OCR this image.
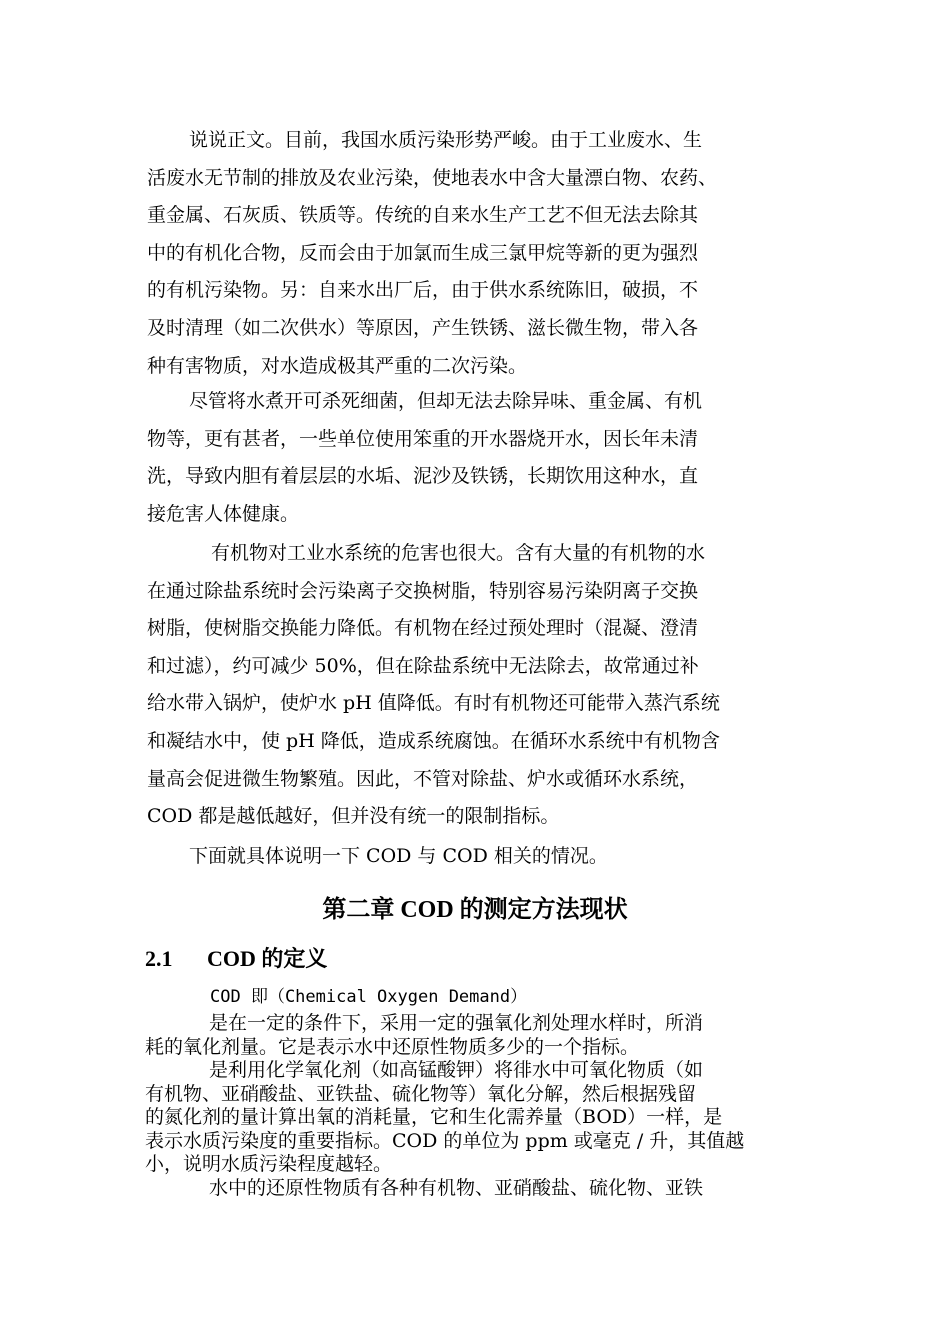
说说正文。目前，我国水质污染形势严峻。由于工业废水、生
活废水无节制的排放及农业污染，使地表水中含大量漂白物、农药、
重金属、石灰质、铁质等。传统的自来水生产工艺不但无法去除其
中的有机化合物，反而会由于加氯而生成三氯甲烷等新的更为强烈
的有机污染物。另：自来水出厂后，由于供水系统陈旧，破损，不
及时清理（如二次供水）等原因，产生铁锈、滋长微生物，带入各
种有害物质，对水造成极其严重的二次污染。
尽管将水煮开可杀死细菌，但却无法去除异味、重金属、有机
物等，更有甚者，一些单位使用笨重的开水器烧开水，因长年未清
洗，导致内胆有着层层的水垢、泥沙及铁锈，长期饮用这种水，直
接危害人体健康。
有机物对工业水系统的危害也很大。含有大量的有机物的水
在通过除盐系统时会污染离子交换树脂，特别容易污染阴离子交换
树脂，使树脂交换能力降低。有机物在经过预处理时（混凝、澄清
和过滤），约可减少 50%，但在除盐系统中无法除去，故常通过补
给水带入锅炉，使炉水 pH 值降低。有时有机物还可能带入蒸汽系统
和凝结水中，使 pH 降低，造成系统腐蚀。在循环水系统中有机物含
量高会促进微生物繁殖。因此，不管对除盐、炉水或循环水系统，
COD 都是越低越好，但并没有统一的限制指标。
下面就具体说明一下 COD 与 COD 相关的情况。
第二章 COD 的测定方法现状
2.1 COD 的定义
COD 即（Chemical Oxygen Demand）
是在一定的条件下，采用一定的强氧化剂处理水样时，所消
耗的氧化剂量。它是表示水中还原性物质多少的一个指标。
是利用化学氧化剂（如高锰酸钾）将徘水中可氧化物质（如
有机物、亚硝酸盐、亚铁盐、硫化物等）氧化分解，然后根据残留
的氮化剂的量计算出氧的消耗量，它和生化需养量（BOD）一样，是
表示水质污染度的重要指标。COD 的单位为 ppm 或毫克 / 升，其值越
小，说明水质污染程度越轻。
水中的还原性物质有各种有机物、亚硝酸盐、硫化物、亚铁
